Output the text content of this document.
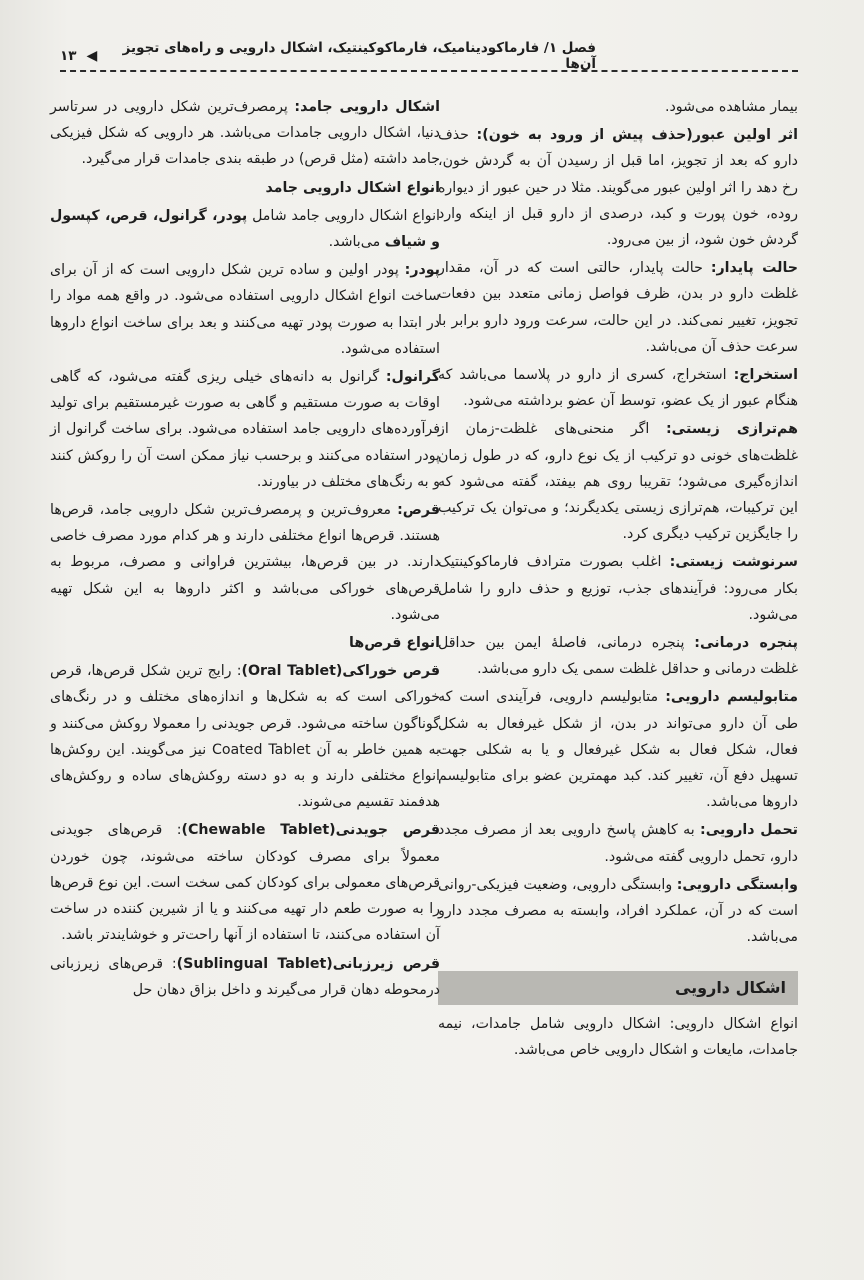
فصل ۱/ فارماکودینامیک، فارماکوکینتیک، اشکال دارویی و راه‌های تجویز آن‌ها
۱۳ ◀

بیمار مشاهده می‌شود.

اثر اولین عبور(حذف پیش از ورود به خون): حذف دارو که بعد از تجویز، اما قبل از رسیدن آن به گردش خون، رخ دهد را اثر اولین عبور می‌گویند. مثلا در حین عبور از دیواره روده، خون پورت و کبد، درصدی از دارو قبل از اینکه وارد گردش خون شود، از بین می‌رود.

حالت پایدار: حالت پایدار، حالتی است که در آن، مقدار غلظت دارو در بدن، ظرف فواصل زمانی متعدد بین دفعات تجویز، تغییر نمی‌کند. در این حالت، سرعت ورود دارو برابر با سرعت حذف آن می‌باشد.

استخراج: استخراج، کسری از دارو در پلاسما می‌باشد که هنگام عبور از یک عضو، توسط آن عضو برداشته می‌شود.

هم‌ترازی زیستی: اگر منحنی‌های غلظت-زمان از غلظت‌های خونی دو ترکیب از یک نوع دارو، که در طول زمان اندازه‌گیری می‌شود؛ تقریبا روی هم بیفتد، گفته می‌شود که این ترکیبات، هم‌ترازی زیستی یکدیگرند؛ و می‌توان یک ترکیب را جایگزین ترکیب دیگری کرد.

سرنوشت زیستی: اغلب بصورت مترادف فارماکوکینتیک بکار می‌رود: فرآیندهای جذب، توزیع و حذف دارو را شامل می‌شود.

پنجره درمانی: پنجره درمانی، فاصلهٔ ایمن بین حداقل غلظت درمانی و حداقل غلظت سمی یک دارو می‌باشد.

متابولیسم دارویی: متابولیسم دارویی، فرآیندی است که طی آن دارو می‌تواند در بدن، از شکل غیرفعال به شکل فعال، شکل فعال به شکل غیرفعال و یا به شکلی جهت تسهیل دفع آن، تغییر کند. کبد مهمترین عضو برای متابولیسم داروها می‌باشد.

تحمل دارویی: به کاهش پاسخ دارویی بعد از مصرف مجدد دارو، تحمل دارویی گفته می‌شود.

وابستگی دارویی: وابستگی دارویی، وضعیت فیزیکی-روانی است که در آن، عملکرد افراد، وابسته به مصرف مجدد دارو می‌باشد.

اشکال دارویی

انواع اشکال دارویی: اشکال دارویی شامل جامدات، نیمه جامدات، مایعات و اشکال دارویی خاص می‌باشد.

اشکال دارویی جامد: پرمصرف‌ترین شکل دارویی در سرتاسر دنیا، اشکال دارویی جامدات می‌باشد. هر دارویی که شکل فیزیکی جامد داشته (مثل قرص) در طبقه بندی جامدات قرار می‌گیرد.

انواع اشکال دارویی جامد

انواع اشکال دارویی جامد شامل پودر، گرانول، قرص، کپسول و شیاف می‌باشد.

پودر: پودر اولین و ساده ترین شکل دارویی است که از آن برای ساخت انواع اشکال دارویی استفاده می‌شود. در واقع همه مواد را در ابتدا به صورت پودر تهیه می‌کنند و بعد برای ساخت انواع داروها استفاده می‌شود.

گرانول: گرانول به دانه‌های خیلی ریزی گفته می‌شود، که گاهی اوقات به صورت مستقیم و گاهی به صورت غیرمستقیم برای تولید فرآورده‌های دارویی جامد استفاده می‌شود. برای ساخت گرانول از پودر استفاده می‌کنند و برحسب نیاز ممکن است آن را روکش کنند و به رنگ‌های مختلف در بیاورند.

قرص: معروف‌ترین و پرمصرف‌ترین شکل دارویی جامد، قرص‌ها هستند. قرص‌ها انواع مختلفی دارند و هر کدام مورد مصرف خاصی دارند. در بین قرص‌ها، بیشترین فراوانی و مصرف، مربوط به قرص‌های خوراکی می‌باشد و اکثر داروها به این شکل تهیه می‌شود.

انواع قرص‌ها

قرص خوراکی(Oral Tablet): رایج ترین شکل قرص‌ها، قرص خوراکی است که به شکل‌ها و اندازه‌های مختلف و در رنگ‌های گوناگون ساخته می‌شود. قرص جویدنی را معمولا روکش می‌کنند و به همین خاطر به آن Coated Tablet نیز می‌گویند. این روکش‌ها انواع مختلفی دارند و به دو دسته روکش‌های ساده و روکش‌های هدفمند تقسیم می‌شوند.

قرص جویدنی(Chewable Tablet): قرص‌های جویدنی معمولاً برای مصرف کودکان ساخته می‌شوند، چون خوردن قرص‌های معمولی برای کودکان کمی سخت است. این نوع قرص‌ها را به صورت طعم دار تهیه می‌کنند و یا از شیرین کننده در ساخت آن استفاده می‌کنند، تا استفاده از آنها راحت‌تر و خوشایندتر باشد.

قرص زیرزبانی(Sublingual Tablet): قرص‌های زیرزبانی درمحوطه دهان قرار می‌گیرند و داخل بزاق دهان حل
